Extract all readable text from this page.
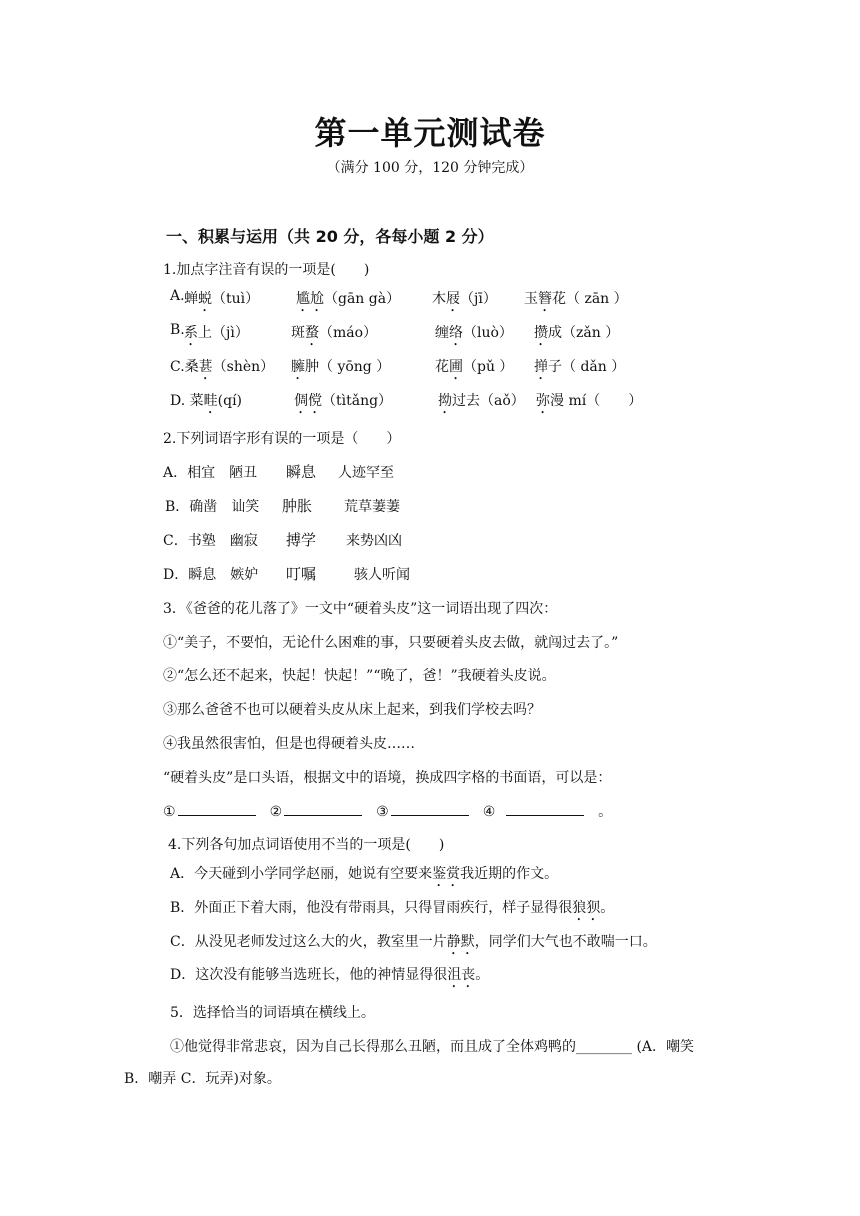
第一单元测试卷
（满分 100 分，120 分钟完成）
一、积累与运用（共 20 分，各每小题 2 分）
1.加点字注音有误的一项是(　　)
A. 蝉蜕（tuì）	尴尬（gān gà） 木屐（jī） 玉簪花（ zān ）
B. 系上（jì）	斑蝥（máo）	缠络（luò） 攒成（zǎn ）
C.桑葚（shèn） 臃肿（ yōng ）	花圃（pǔ ） 掸子（ dǎn ）
D. 菜畦(qí)	倜傥（tìtǎng）	拗过去（aǒ） 弥漫 mí（　　）
2.下列词语字形有误的一项是（　　）
A．相宜　陋丑 瞬息 人迹罕至
B．确凿　讪笑 肿胀 荒草萋萋
C．书塾　幽寂 搏学 来势凶凶
D．瞬息　嫉妒 叮嘱	骇人听闻
3．《爸爸的花儿落了》一文中“硬着头皮”这一词语出现了四次：
①“美子，不要怕，无论什么困难的事，只要硬着头皮去做，就闯过去了。”
②“怎么还不起来，快起！快起！”“晚了，爸！”我硬着头皮说。
③那么爸爸不也可以硬着头皮从床上起来，到我们学校去吗？
④我虽然很害怕，但是也得硬着头皮……
“硬着头皮”是口头语，根据文中的语境，换成四字格的书面语，可以是：
①	②	③	④	。
4.下列各句加点词语使用不当的一项是(　　)
A．今天碰到小学同学赵丽，她说有空要来鉴赏我近期的作文。
B．外面正下着大雨，他没有带雨具，只得冒雨疾行，样子显得很狼狈。
C．从没见老师发过这么大的火，教室里一片静默，同学们大气也不敢喘一口。
D．这次没有能够当选班长，他的神情显得很沮丧。
5．选择恰当的词语填在横线上。
①他觉得非常悲哀，因为自己长得那么丑陋，而且成了全体鸡鸭的________ (A．嘲笑
B．嘲弄 C．玩弄)对象。
